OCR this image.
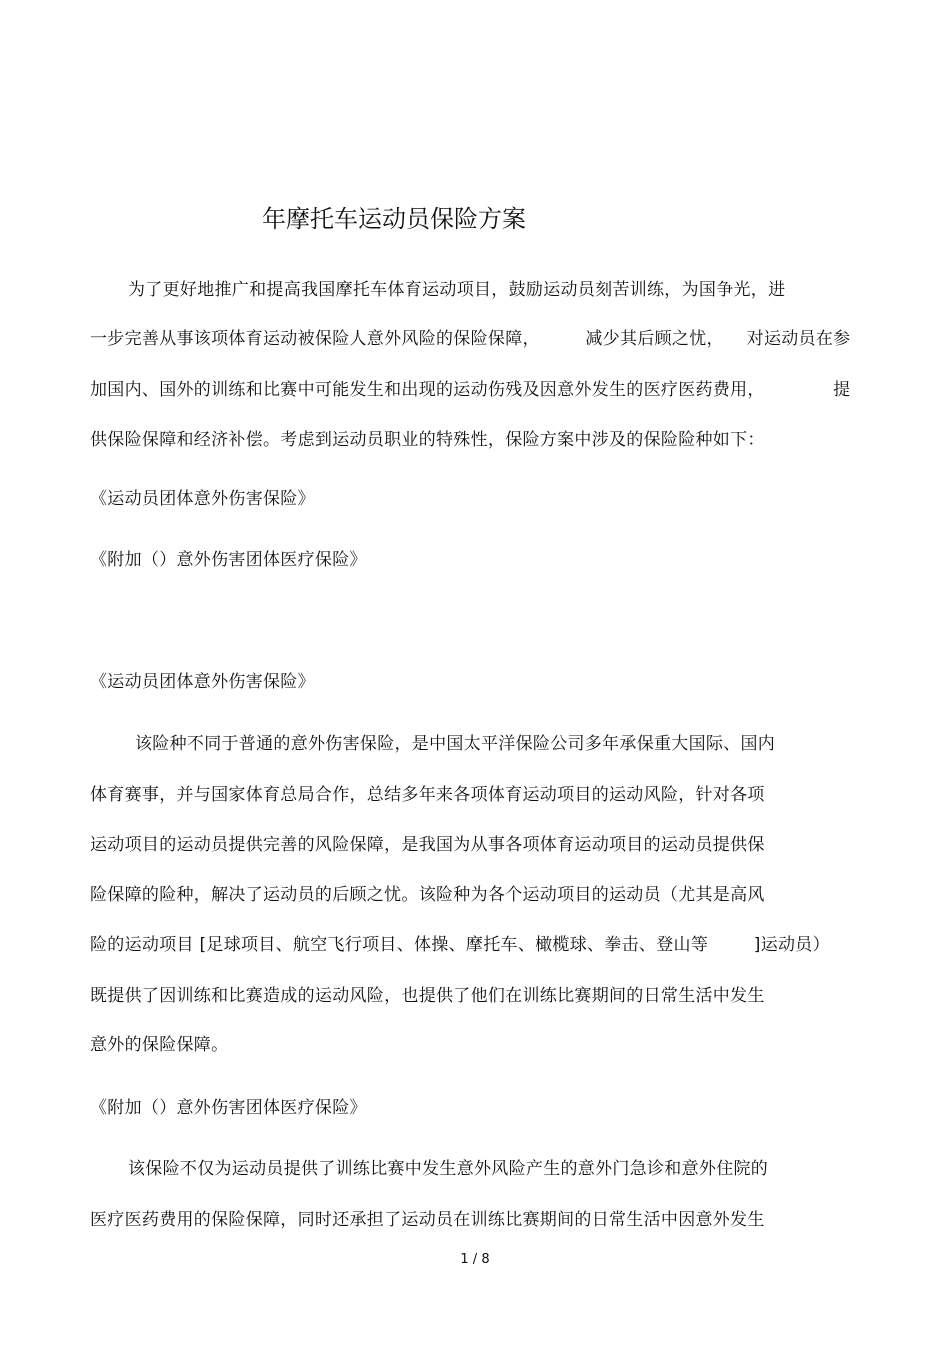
年摩托车运动员保险方案
为了更好地推广和提高我国摩托车体育运动项目，鼓励运动员刻苦训练，为国争光，进
一步完善从事该项体育运动被保险人意外风险的保险保障，        减少其后顾之忧，    对运动员在参
加国内、国外的训练和比赛中可能发生和出现的运动伤残及因意外发生的医疗医药费用，            提
供保险保障和经济补偿。考虑到运动员职业的特殊性，保险方案中涉及的保险险种如下：
《运动员团体意外伤害保险》
《附加（）意外伤害团体医疗保险》
《运动员团体意外伤害保险》
该险种不同于普通的意外伤害保险，是中国太平洋保险公司多年承保重大国际、国内
体育赛事，并与国家体育总局合作，总结多年来各项体育运动项目的运动风险，针对各项
运动项目的运动员提供完善的风险保障，是我国为从事各项体育运动项目的运动员提供保
险保障的险种，解决了运动员的后顾之忧。该险种为各个运动项目的运动员（尤其是高风
险的运动项目 [足球项目、航空飞行项目、体操、摩托车、橄榄球、拳击、登山等        ]运动员）
既提供了因训练和比赛造成的运动风险，也提供了他们在训练比赛期间的日常生活中发生
意外的保险保障。
《附加（）意外伤害团体医疗保险》
该保险不仅为运动员提供了训练比赛中发生意外风险产生的意外门急诊和意外住院的
医疗医药费用的保险保障，同时还承担了运动员在训练比赛期间的日常生活中因意外发生
1 / 8
